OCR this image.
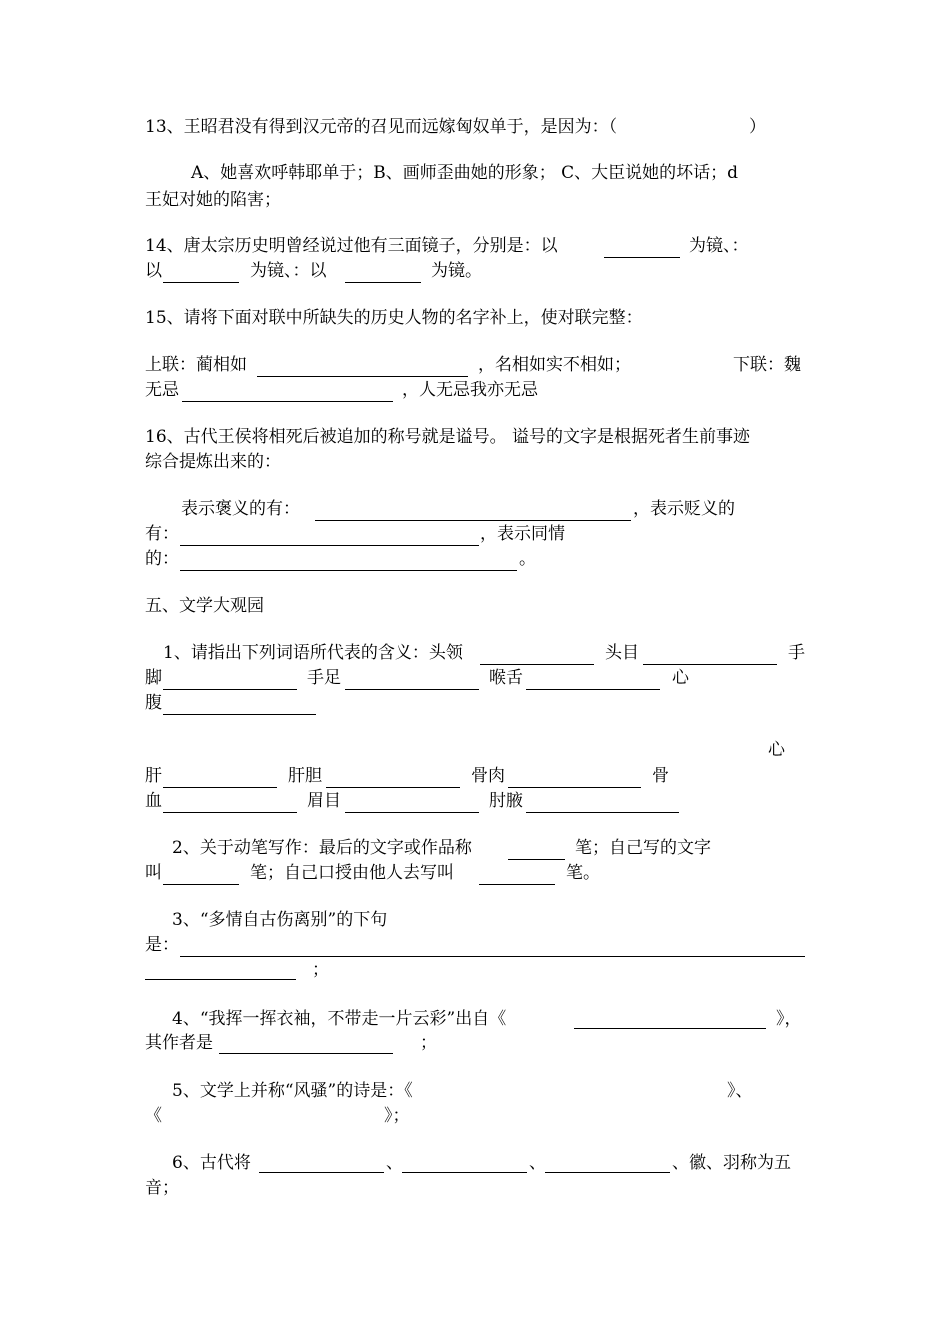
13、王昭君没有得到汉元帝的召见而远嫁匈奴单于，是因为：（	）
A、她喜欢呼韩耶单于；B、画师歪曲她的形象； C、大臣说她的坏话；d
王妃对她的陷害；
14、唐太宗历史明曾经说过他有三面镜子，分别是：以	为镜、：
以	为镜、：以	为镜。
15、请将下面对联中所缺失的历史人物的名字补上，使对联完整：
上联：蔺相如	，名相如实不相如；	下联：魏
无忌	，人无忌我亦无忌
16、古代王侯将相死后被追加的称号就是谥号。 谥号的文字是根据死者生前事迹
综合提炼出来的：
表示褒义的有：	，表示贬义的
有：	，表示同情
的：	。
五、文学大观园
1、请指出下列词语所代表的含义：头领	头目	手
脚	手足	喉舌	心
腹
心
肝	肝胆	骨肉	骨
血	眉目	肘腋
2、关于动笔写作：最后的文字或作品称	笔；自己写的文字
叫	笔；自己口授由他人去写叫	笔。
3、“多情自古伤离别”的下句
是：
；
4、“我挥一挥衣袖，不带走一片云彩”出自《	》，
其作者是	；
5、文学上并称“风骚”的诗是：《	》、
《	》；
6、古代将	、	、	、徽、羽称为五
音；
